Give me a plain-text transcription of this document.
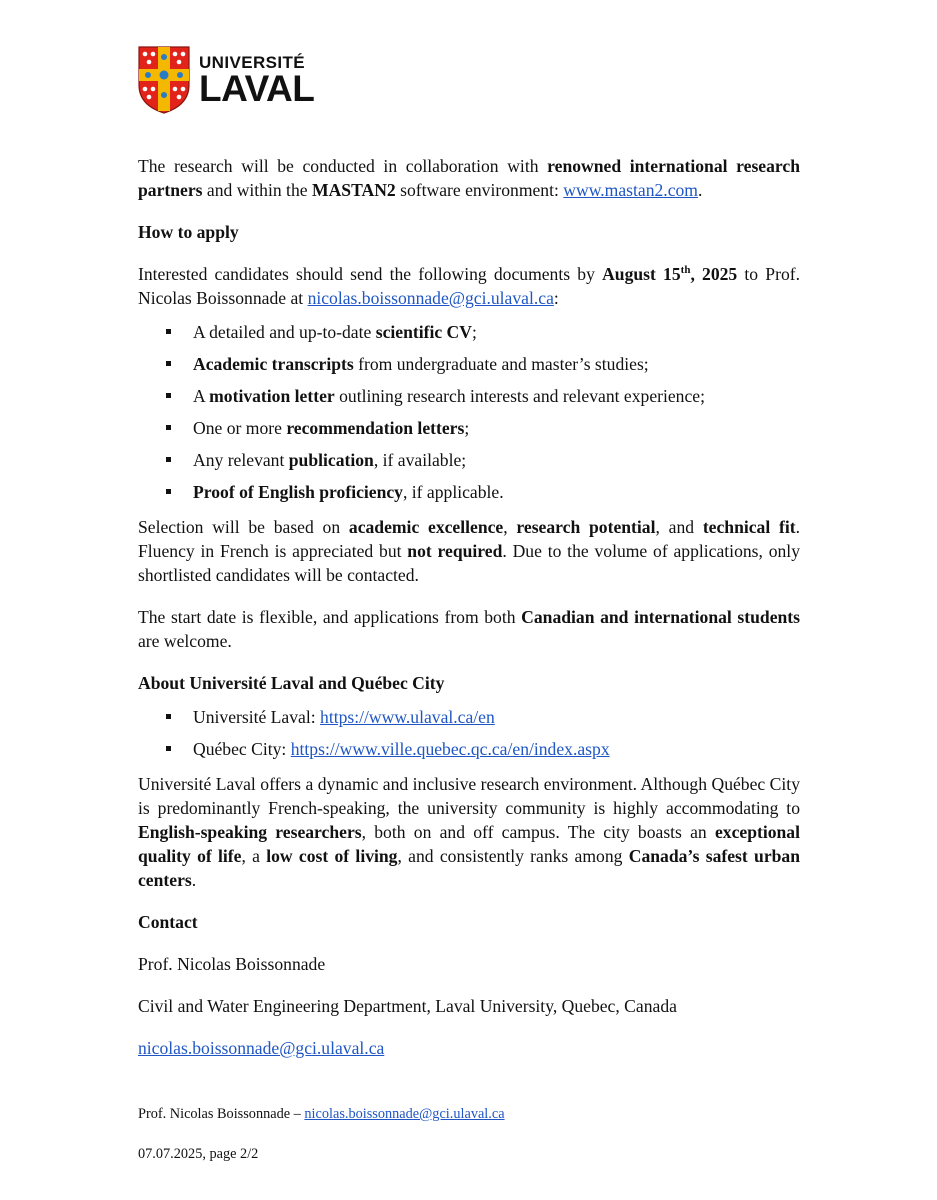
UNIVERSITÉ
LAVAL

The research will be conducted in collaboration with renowned international research partners and within the MASTAN2 software environment: www.mastan2.com.

How to apply

Interested candidates should send the following documents by August 15th, 2025 to Prof. Nicolas Boissonnade at nicolas.boissonnade@gci.ulaval.ca:

A detailed and up-to-date scientific CV;
Academic transcripts from undergraduate and master’s studies;
A motivation letter outlining research interests and relevant experience;
One or more recommendation letters;
Any relevant publication, if available;
Proof of English proficiency, if applicable.

Selection will be based on academic excellence, research potential, and technical fit. Fluency in French is appreciated but not required. Due to the volume of applications, only shortlisted candidates will be contacted.

The start date is flexible, and applications from both Canadian and international students are welcome.

About Université Laval and Québec City

Université Laval: https://www.ulaval.ca/en
Québec City: https://www.ville.quebec.qc.ca/en/index.aspx

Université Laval offers a dynamic and inclusive research environment. Although Québec City is predominantly French-speaking, the university community is highly accommodating to English-speaking researchers, both on and off campus. The city boasts an exceptional quality of life, a low cost of living, and consistently ranks among Canada’s safest urban centers.

Contact

Prof. Nicolas Boissonnade

Civil and Water Engineering Department, Laval University, Quebec, Canada

nicolas.boissonnade@gci.ulaval.ca

Prof. Nicolas Boissonnade – nicolas.boissonnade@gci.ulaval.ca
07.07.2025, page 2/2
